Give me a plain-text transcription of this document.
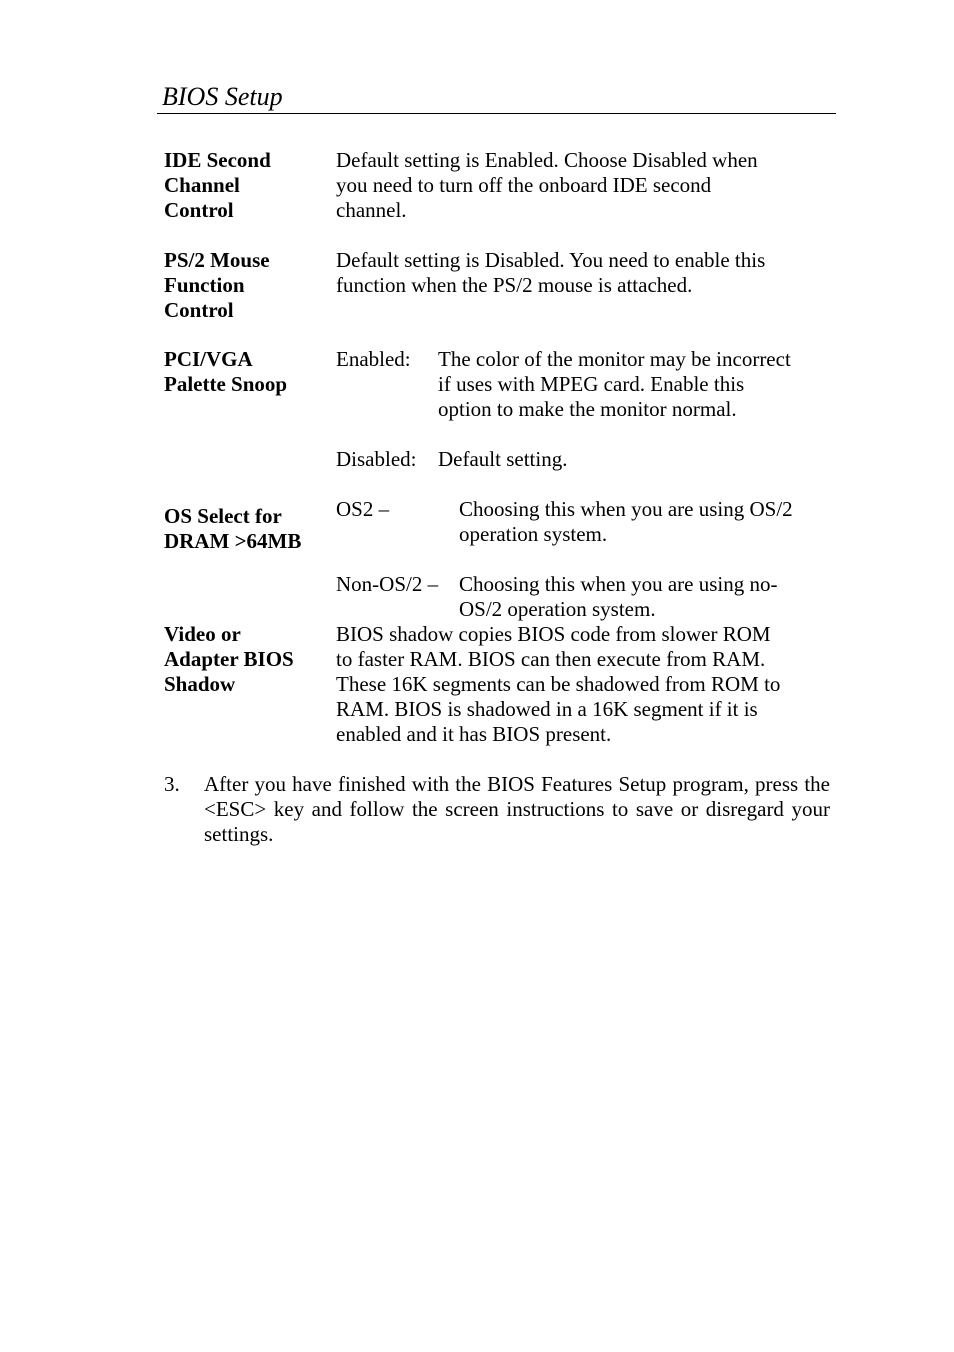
BIOS Setup
IDE Second
Channel
Control
Default setting is Enabled. Choose Disabled when
you need to turn off the onboard IDE second
channel.
PS/2 Mouse
Function
Control
Default setting is Disabled. You need to enable this
function when the PS/2 mouse is attached.
PCI/VGA
Palette Snoop
Enabled: The color of the monitor may be incorrect
if uses with MPEG card. Enable this
option to make the monitor normal.
Disabled: Default setting.
OS Select for
DRAM >64MB
OS2 –	Choosing this when you are using OS/2
operation system.
Non-OS/2 – Choosing this when you are using no-
OS/2 operation system.
Video or
Adapter BIOS
Shadow
BIOS shadow copies BIOS code from slower ROM
to faster RAM. BIOS can then execute from RAM.
These 16K segments can be shadowed from ROM to
RAM. BIOS is shadowed in a 16K segment if it is
enabled and it has BIOS present.
3. After you have finished with the BIOS Features Setup program, press the <ESC> key and follow the screen instructions to save or disregard your settings.
